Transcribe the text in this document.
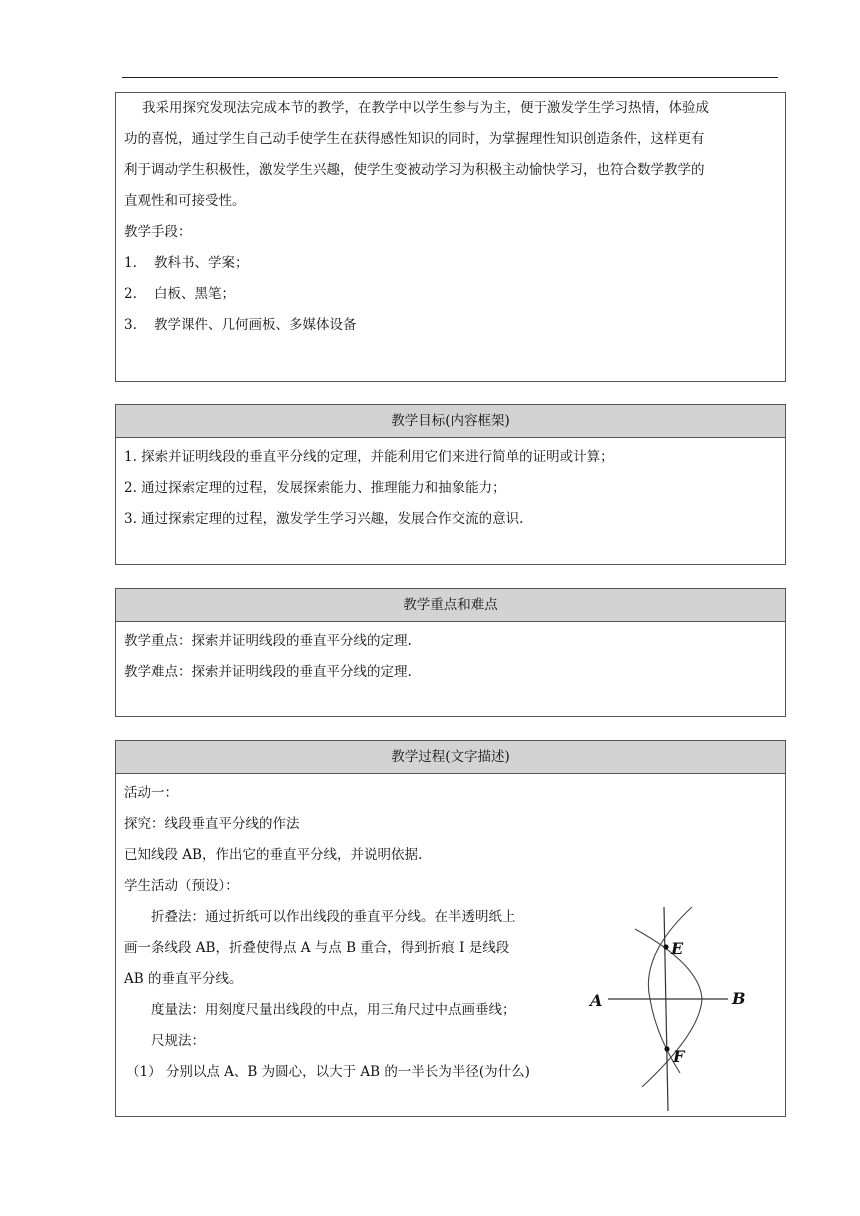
我采用探究发现法完成本节的教学，在教学中以学生参与为主，便于激发学生学习热情，体验成
功的喜悦，通过学生自己动手使学生在获得感性知识的同时，为掌握理性知识创造条件，这样更有
利于调动学生积极性，激发学生兴趣，使学生变被动学习为积极主动愉快学习，也符合数学教学的
直观性和可接受性。
教学手段：
1. 教科书、学案；
2. 白板、黑笔；
3. 教学课件、几何画板、多媒体设备
教学目标(内容框架)
1. 探索并证明线段的垂直平分线的定理，并能利用它们来进行简单的证明或计算；
2. 通过探索定理的过程，发展探索能力、推理能力和抽象能力；
3. 通过探索定理的过程，激发学生学习兴趣，发展合作交流的意识.
教学重点和难点
教学重点：探索并证明线段的垂直平分线的定理.
教学难点：探索并证明线段的垂直平分线的定理.
教学过程(文字描述)
活动一：
探究：线段垂直平分线的作法
已知线段 AB，作出它的垂直平分线，并说明依据.
学生活动（预设）：
折叠法：通过折纸可以作出线段的垂直平分线。在半透明纸上
画一条线段 AB，折叠使得点 A 与点 B 重合，得到折痕 I 是线段
AB 的垂直平分线。
度量法：用刻度尺量出线段的中点，用三角尺过中点画垂线；
尺规法：
（1） 分别以点 A、B 为圆心，以大于 AB 的一半长为半径(为什么)
A	B
E
F
